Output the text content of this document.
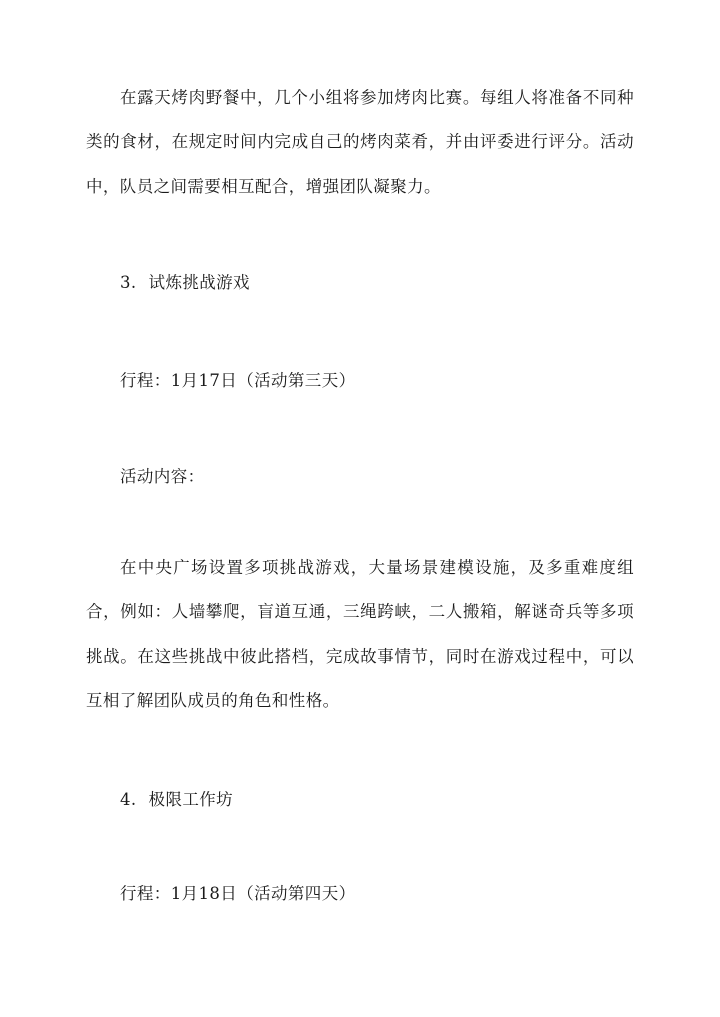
在露天烤肉野餐中，几个小组将参加烤肉比赛。每组人将准备不同种类的食材，在规定时间内完成自己的烤肉菜肴，并由评委进行评分。活动中，队员之间需要相互配合，增强团队凝聚力。

3. 试炼挑战游戏

行程：1月17日（活动第三天）

活动内容：

在中央广场设置多项挑战游戏，大量场景建模设施，及多重难度组合，例如：人墙攀爬，盲道互通，三绳跨峡，二人搬箱，解谜奇兵等多项挑战。在这些挑战中彼此搭档，完成故事情节，同时在游戏过程中，可以互相了解团队成员的角色和性格。

4. 极限工作坊

行程：1月18日（活动第四天）
